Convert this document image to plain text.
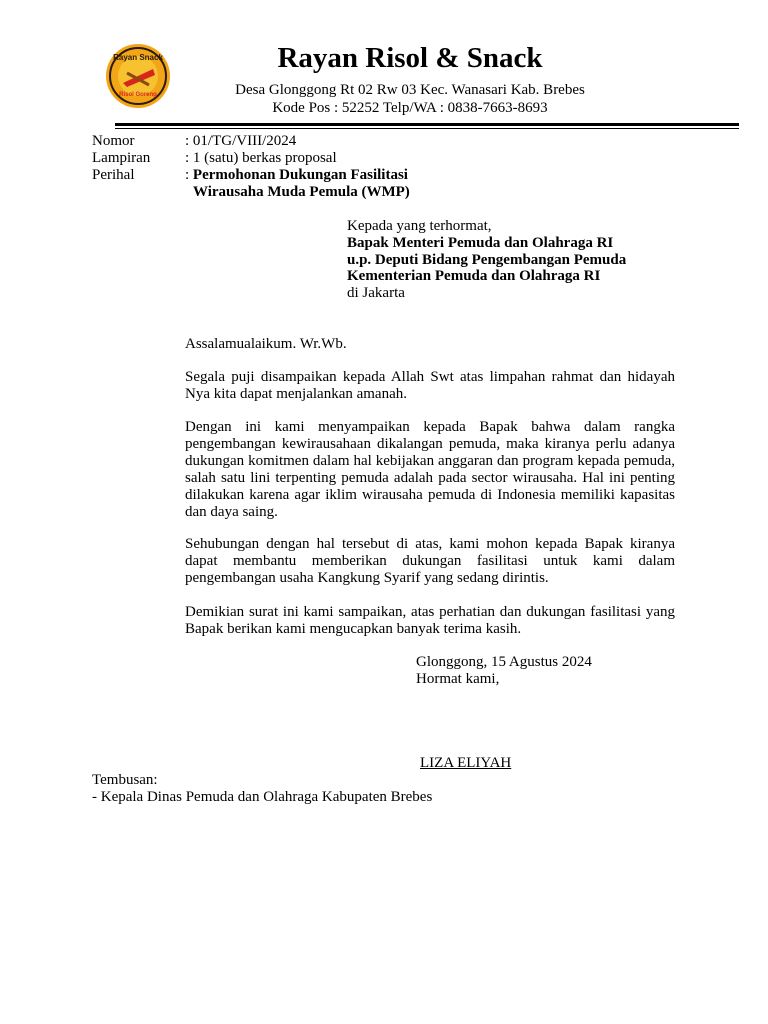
Rayan Snack
Risol Goreng
Rayan Risol & Snack
Desa Glonggong Rt 02 Rw 03 Kec. Wanasari Kab. Brebes
Kode Pos : 52252 Telp/WA : 0838-7663-8693
Nomor	: 01/TG/VIII/2024
Lampiran : 1 (satu) berkas proposal
Perihal	: Permohonan Dukungan Fasilitasi
Wirausaha Muda Pemula (WMP)
Kepada yang terhormat,
Bapak Menteri Pemuda dan Olahraga RI
u.p. Deputi Bidang Pengembangan Pemuda
Kementerian Pemuda dan Olahraga RI
di Jakarta
Assalamualaikum. Wr.Wb.
Segala puji disampaikan kepada Allah Swt atas limpahan rahmat dan hidayah Nya kita dapat menjalankan amanah.
Dengan ini kami menyampaikan kepada Bapak bahwa dalam rangka pengembangan kewirausahaan dikalangan pemuda, maka kiranya perlu adanya dukungan komitmen dalam hal kebijakan anggaran dan program kepada pemuda, salah satu lini terpenting pemuda adalah pada sector wirausaha. Hal ini penting dilakukan karena agar iklim wirausaha pemuda di Indonesia memiliki kapasitas dan daya saing.
Sehubungan dengan hal tersebut di atas, kami mohon kepada Bapak kiranya dapat membantu memberikan dukungan fasilitasi untuk kami dalam pengembangan usaha Kangkung Syarif yang sedang dirintis.
Demikian surat ini kami sampaikan, atas perhatian dan dukungan fasilitasi yang Bapak berikan kami mengucapkan banyak terima kasih.
Glonggong, 15 Agustus 2024
Hormat kami,
LIZA ELIYAH
Tembusan:
- Kepala Dinas Pemuda dan Olahraga Kabupaten Brebes
